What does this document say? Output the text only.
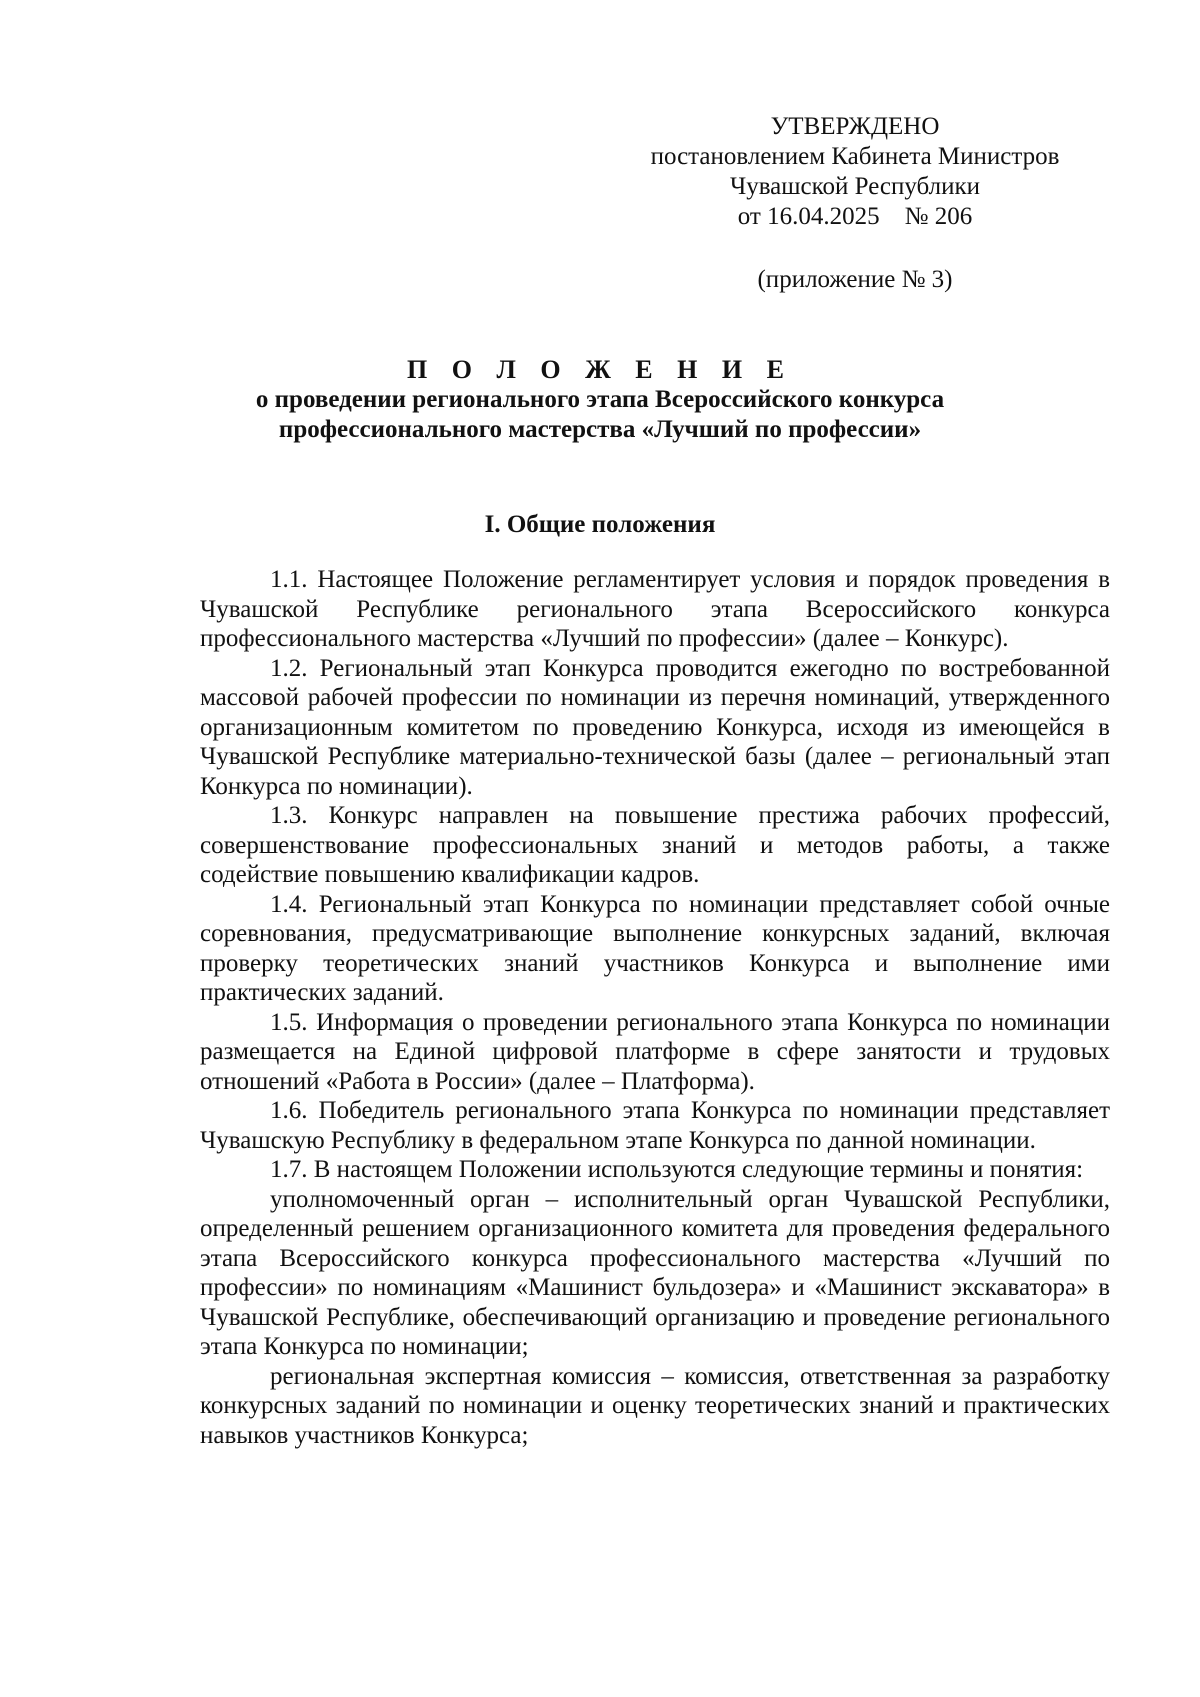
УТВЕРЖДЕНО
постановлением Кабинета Министров
Чувашской Республики
от 16.04.2025    № 206
(приложение № 3)
П О Л О Ж Е Н И Е
о проведении регионального этапа Всероссийского конкурса
профессионального мастерства «Лучший по профессии»
I. Общие положения

1.1. Настоящее Положение регламентирует условия и порядок проведения в Чувашской Республике регионального этапа Всероссийского конкурса профессионального мастерства «Лучший по профессии» (далее – Конкурс).

1.2. Региональный этап Конкурса проводится ежегодно по востребованной массовой рабочей профессии по номинации из перечня номинаций, утвержденного организационным комитетом по проведению Конкурса, исходя из имеющейся в Чувашской Республике материально-технической базы (далее – региональный этап Конкурса по номинации).

1.3. Конкурс направлен на повышение престижа рабочих профессий, совершенствование профессиональных знаний и методов работы, а также содействие повышению квалификации кадров.

1.4. Региональный этап Конкурса по номинации представляет собой очные соревнования, предусматривающие выполнение конкурсных заданий, включая проверку теоретических знаний участников Конкурса и выполнение ими практических заданий.

1.5. Информация о проведении регионального этапа Конкурса по номинации размещается на Единой цифровой платформе в сфере занятости и трудовых отношений «Работа в России» (далее – Платформа).

1.6. Победитель регионального этапа Конкурса по номинации представляет Чувашскую Республику в федеральном этапе Конкурса по данной номинации.

1.7. В настоящем Положении используются следующие термины и понятия:

уполномоченный орган – исполнительный орган Чувашской Республики, определенный решением организационного комитета для проведения федерального этапа Всероссийского конкурса профессионального мастерства «Лучший по профессии» по номинациям «Машинист бульдозера» и «Машинист экскаватора» в Чувашской Республике, обеспечивающий организацию и проведение регионального этапа Конкурса по номинации;

региональная экспертная комиссия – комиссия, ответственная за разработку конкурсных заданий по номинации и оценку теоретических знаний и практических навыков участников Конкурса;
